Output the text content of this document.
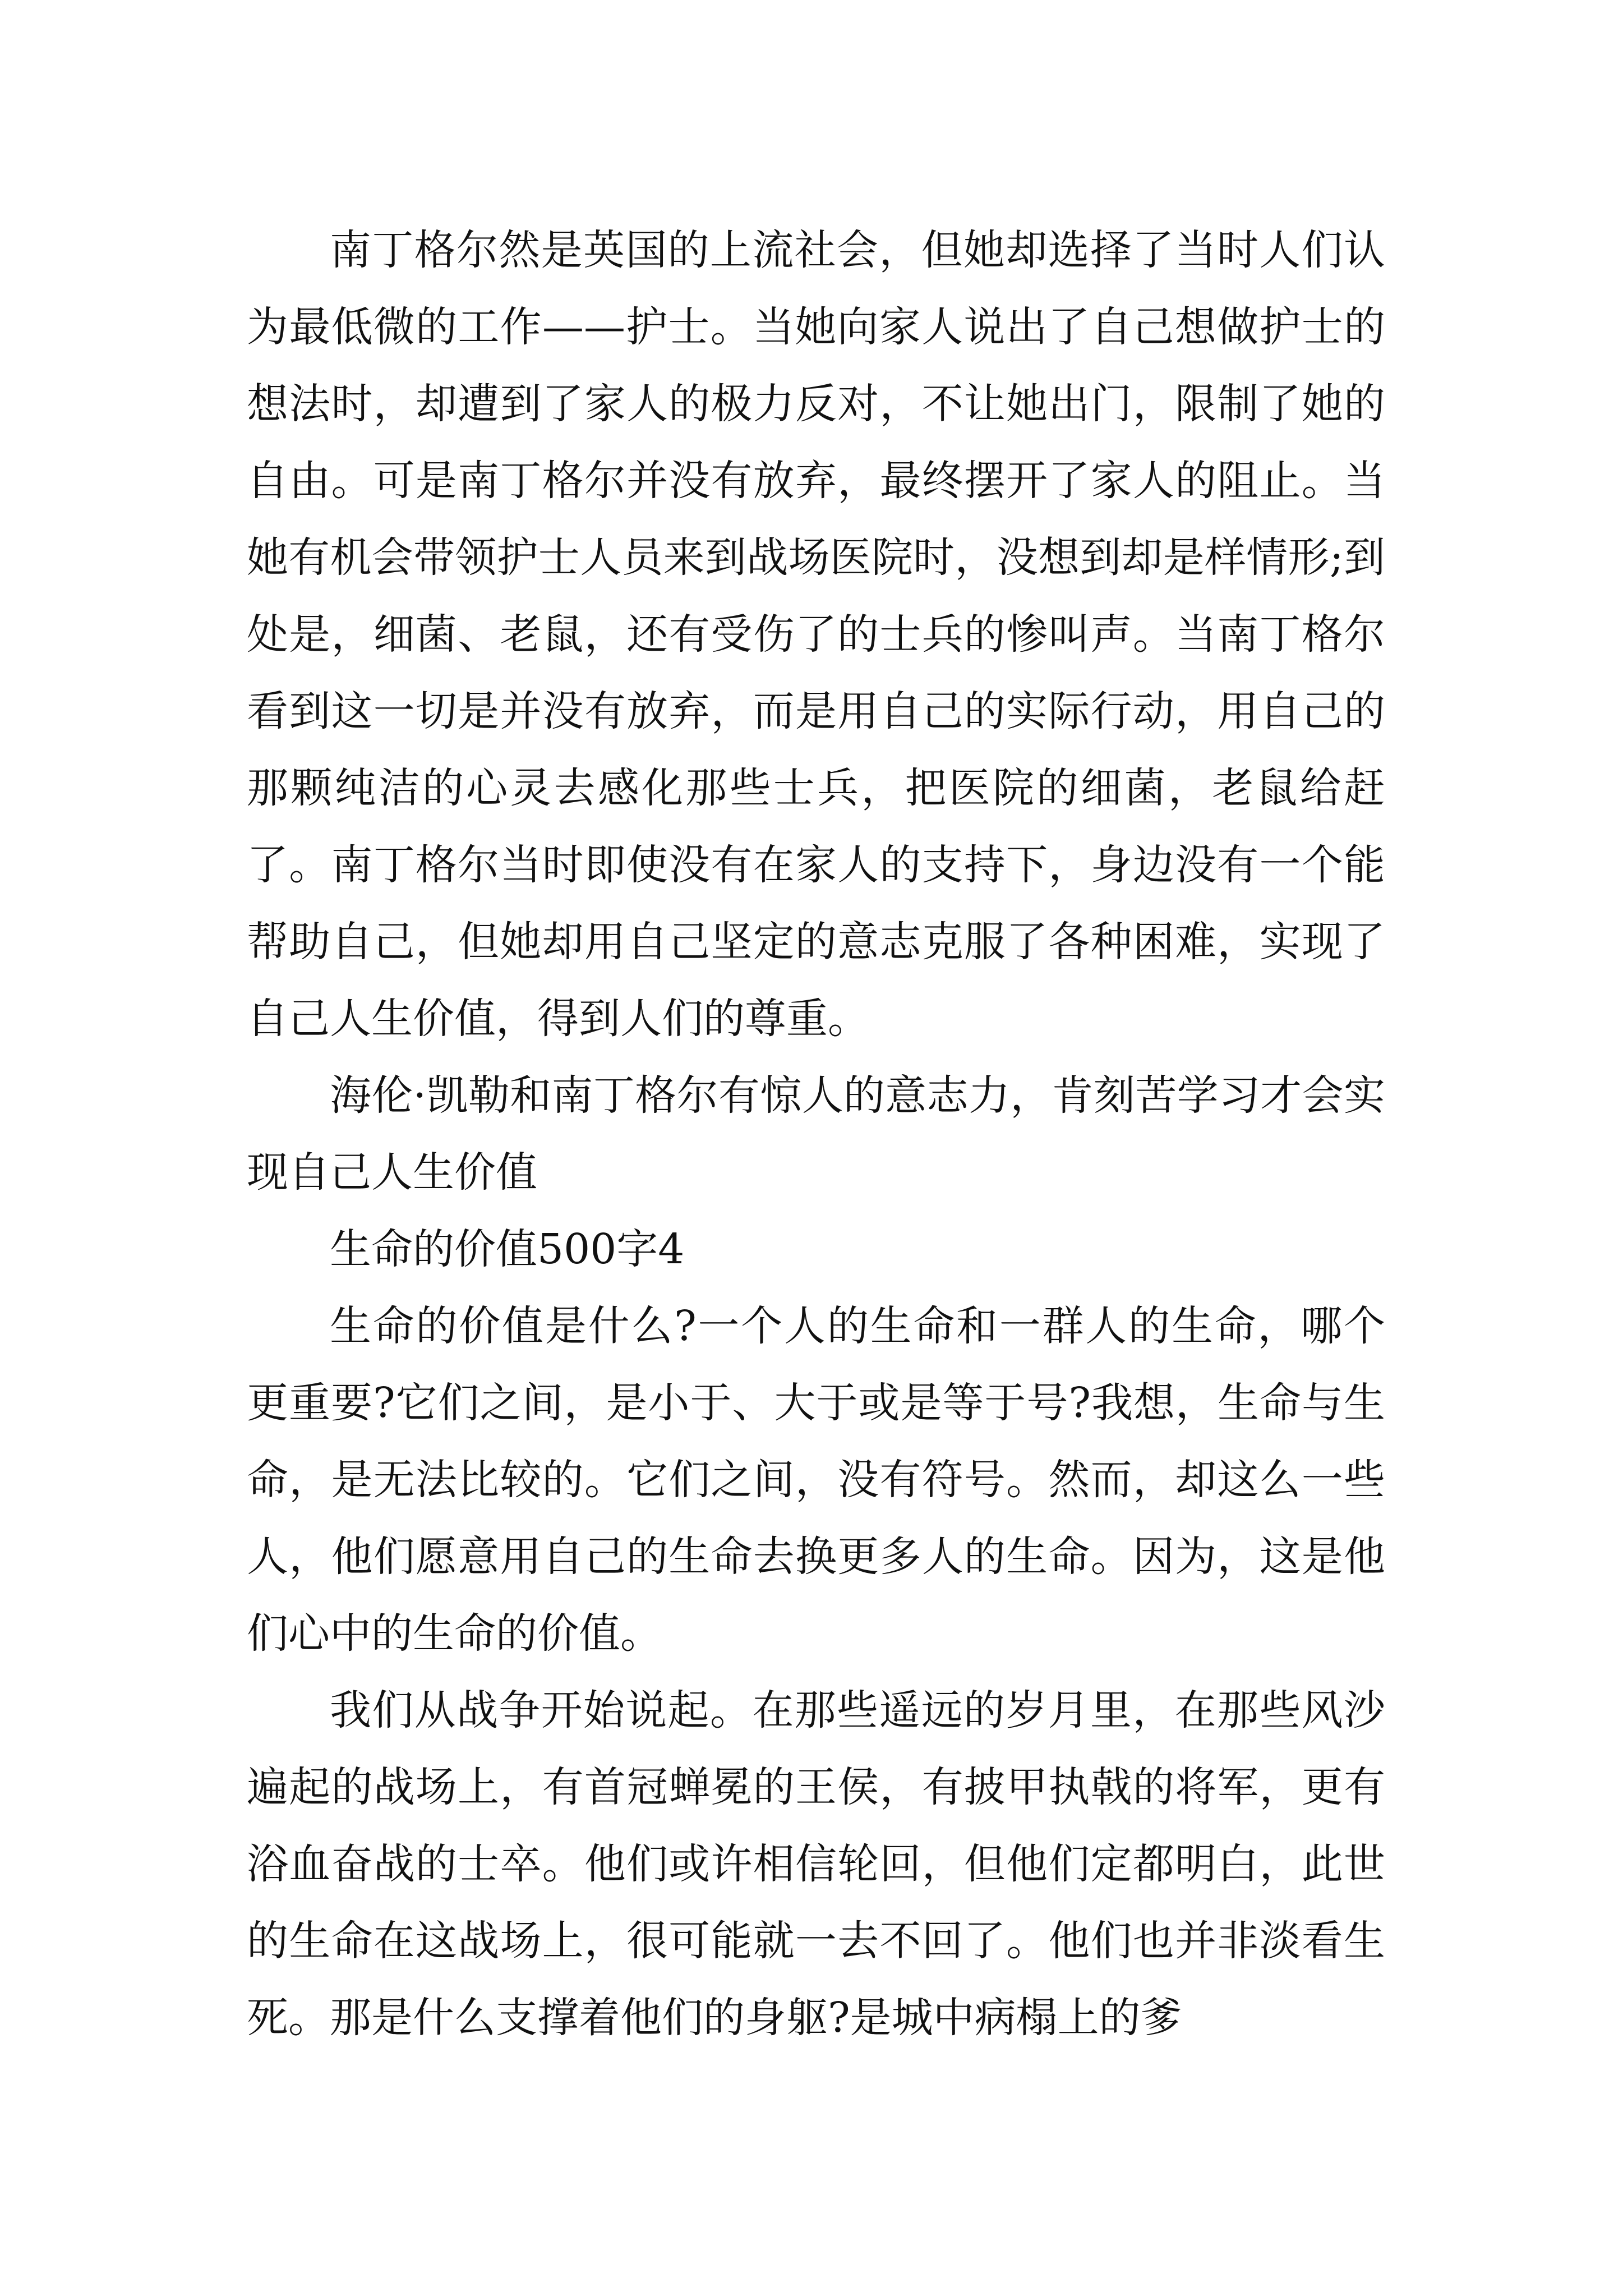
南丁格尔然是英国的上流社会，但她却选择了当时人们认为最低微的工作——护士。当她向家人说出了自己想做护士的想法时，却遭到了家人的极力反对，不让她出门，限制了她的自由。可是南丁格尔并没有放弃，最终摆开了家人的阻止。当她有机会带领护士人员来到战场医院时，没想到却是样情形;到处是，细菌、老鼠，还有受伤了的士兵的惨叫声。当南丁格尔看到这一切是并没有放弃，而是用自己的实际行动，用自己的那颗纯洁的心灵去感化那些士兵，把医院的细菌，老鼠给赶了。南丁格尔当时即使没有在家人的支持下，身边没有一个能帮助自己，但她却用自己坚定的意志克服了各种困难，实现了自己人生价值，得到人们的尊重。

海伦·凯勒和南丁格尔有惊人的意志力，肯刻苦学习才会实现自己人生价值

生命的价值500字4

生命的价值是什么?一个人的生命和一群人的生命，哪个更重要?它们之间，是小于、大于或是等于号?我想，生命与生命，是无法比较的。它们之间，没有符号。然而，却这么一些人，他们愿意用自己的生命去换更多人的生命。因为，这是他们心中的生命的价值。

我们从战争开始说起。在那些遥远的岁月里，在那些风沙遍起的战场上，有首冠蝉冕的王侯，有披甲执戟的将军，更有浴血奋战的士卒。他们或许相信轮回，但他们定都明白，此世的生命在这战场上，很可能就一去不回了。他们也并非淡看生死。那是什么支撑着他们的身躯?是城中病榻上的爹
